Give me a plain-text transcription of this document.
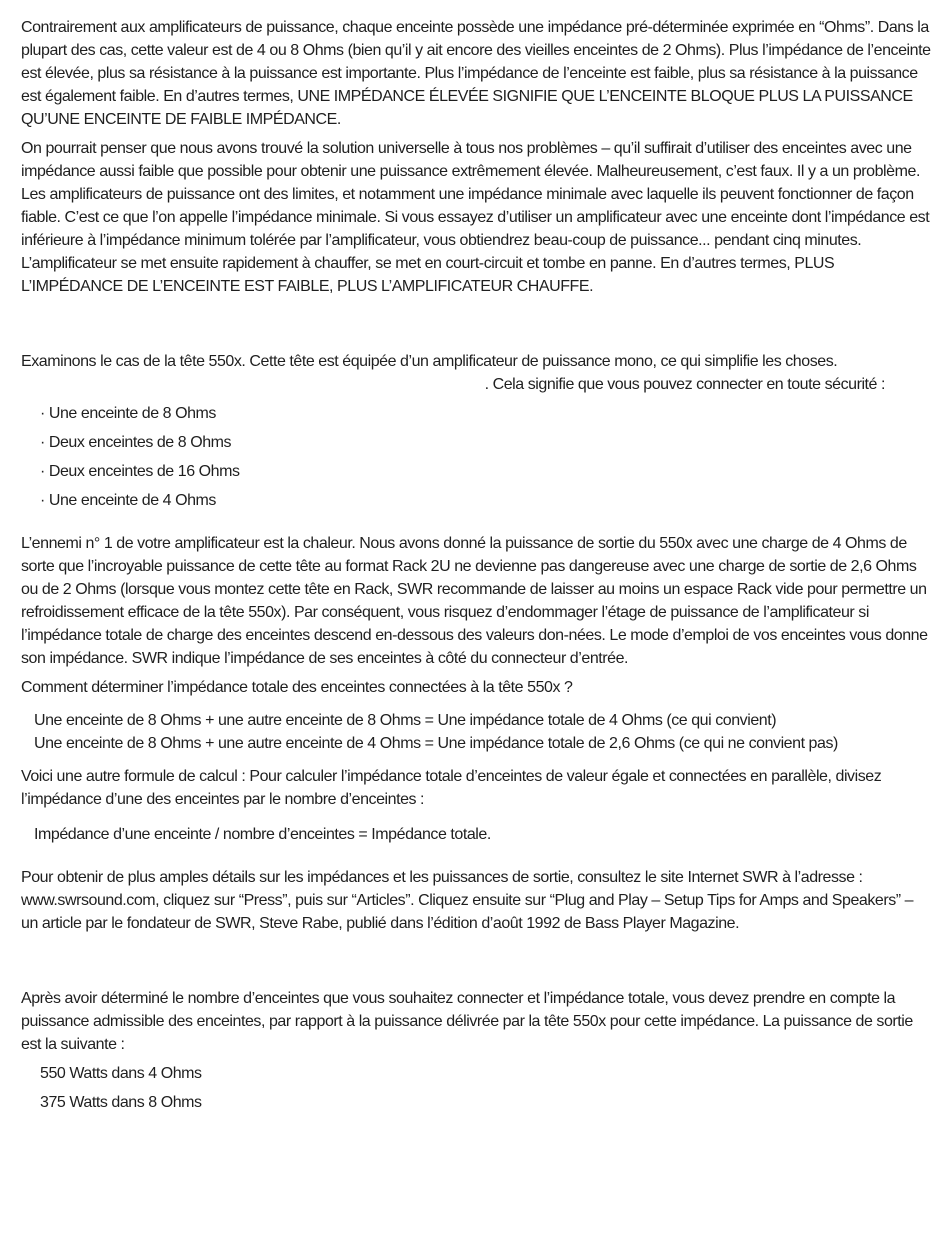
Contrairement aux amplificateurs de puissance, chaque enceinte possède une impédance pré-déterminée exprimée en “Ohms”. Dans la plupart des cas, cette valeur est de 4 ou 8 Ohms (bien qu’il y ait encore des vieilles enceintes de 2 Ohms). Plus l’impédance de l’enceinte est élevée, plus sa résistance à la puissance est importante. Plus l’impédance de l’enceinte est faible, plus sa résistance à la puissance est également faible. En d’autres termes, UNE IMPÉDANCE ÉLEVÉE SIGNIFIE QUE L’ENCEINTE BLOQUE PLUS LA PUISSANCE QU’UNE ENCEINTE DE FAIBLE IMPÉDANCE.

On pourrait penser que nous avons trouvé la solution universelle à tous nos problèmes – qu’il suffirait d’utiliser des enceintes avec une impédance aussi faible que possible pour obtenir une puissance extrêmement élevée. Malheureusement, c’est faux. Il y a un problème. Les amplificateurs de puissance ont des limites, et notamment une impédance minimale avec laquelle ils peuvent fonctionner de façon fiable. C’est ce que l’on appelle l’impédance minimale. Si vous essayez d’utiliser un amplificateur avec une enceinte dont l’impédance est inférieure à l’impédance minimum tolérée par l’amplificateur, vous obtiendrez beau-coup de puissance... pendant cinq minutes. L’amplificateur se met ensuite rapidement à chauffer, se met en court-circuit et tombe en panne. En d’autres termes, PLUS L’IMPÉDANCE DE L’ENCEINTE EST FAIBLE, PLUS L’AMPLIFICATEUR CHAUFFE.

Examinons le cas de la tête 550x. Cette tête est équipée d’un amplificateur de puissance mono, ce qui simplifie les choses.
. Cela signifie que vous pouvez connecter en toute sécurité :

· Une enceinte de 8 Ohms
· Deux enceintes de 8 Ohms
· Deux enceintes de 16 Ohms
· Une enceinte de 4 Ohms

L’ennemi n° 1 de votre amplificateur est la chaleur. Nous avons donné la puissance de sortie du 550x avec une charge de 4 Ohms de sorte que l’incroyable puissance de cette tête au format Rack 2U ne devienne pas dangereuse avec une charge de sortie de 2,6 Ohms ou de 2 Ohms (lorsque vous montez cette tête en Rack, SWR recommande de laisser au moins un espace Rack vide pour permettre un refroidissement efficace de la tête 550x). Par conséquent, vous risquez d’endommager l’étage de puissance de l’amplificateur si l’impédance totale de charge des enceintes descend en-dessous des valeurs don-nées. Le mode d’emploi de vos enceintes vous donne son impédance. SWR indique l’impédance de ses enceintes à côté du connecteur d’entrée.

Comment déterminer l’impédance totale des enceintes connectées à la tête 550x ?

Une enceinte de 8 Ohms + une autre enceinte de 8 Ohms = Une impédance totale de 4 Ohms (ce qui convient)
Une enceinte de 8 Ohms + une autre enceinte de 4 Ohms = Une impédance totale de 2,6 Ohms (ce qui ne convient pas)

Voici une autre formule de calcul : Pour calculer l’impédance totale d’enceintes de valeur égale et connectées en parallèle, divisez l’impédance d’une des enceintes par le nombre d’enceintes :

Impédance d’une enceinte / nombre d’enceintes = Impédance totale.

Pour obtenir de plus amples détails sur les impédances et les puissances de sortie, consultez le site Internet SWR à l’adresse : www.swrsound.com, cliquez sur “Press”, puis sur “Articles”. Cliquez ensuite sur “Plug and Play – Setup Tips for Amps and Speakers” – un article par le fondateur de SWR, Steve Rabe, publié dans l’édition d’août 1992 de Bass Player Magazine.

Après avoir déterminé le nombre d’enceintes que vous souhaitez connecter et l’impédance totale, vous devez prendre en compte la puissance admissible des enceintes, par rapport à la puissance délivrée par la tête 550x pour cette impédance. La puissance de sortie est la suivante :

550 Watts dans 4 Ohms
375 Watts dans 8 Ohms
